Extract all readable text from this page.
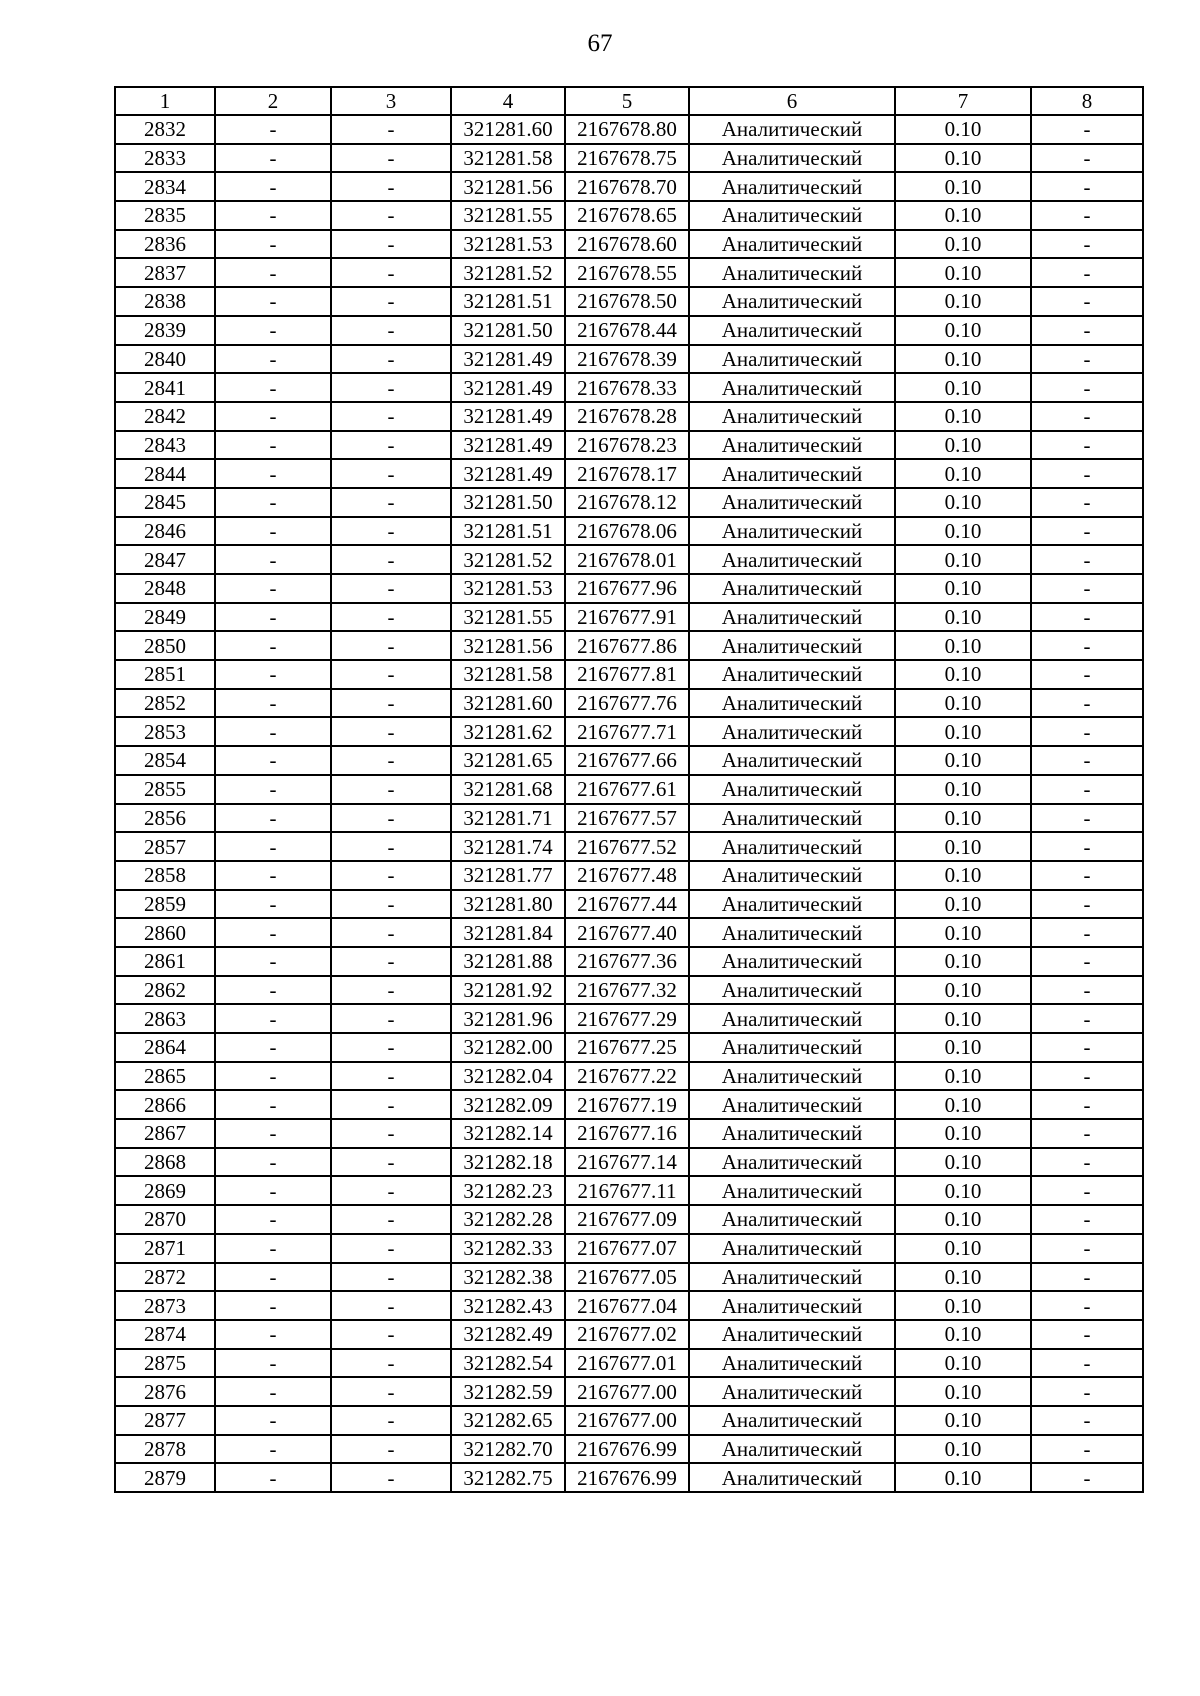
67
1	2	3	4	5	6	7	8
2832	-	-	321281.60	2167678.80	Аналитический	0.10	-
2833	-	-	321281.58	2167678.75	Аналитический	0.10	-
2834	-	-	321281.56	2167678.70	Аналитический	0.10	-
2835	-	-	321281.55	2167678.65	Аналитический	0.10	-
2836	-	-	321281.53	2167678.60	Аналитический	0.10	-
2837	-	-	321281.52	2167678.55	Аналитический	0.10	-
2838	-	-	321281.51	2167678.50	Аналитический	0.10	-
2839	-	-	321281.50	2167678.44	Аналитический	0.10	-
2840	-	-	321281.49	2167678.39	Аналитический	0.10	-
2841	-	-	321281.49	2167678.33	Аналитический	0.10	-
2842	-	-	321281.49	2167678.28	Аналитический	0.10	-
2843	-	-	321281.49	2167678.23	Аналитический	0.10	-
2844	-	-	321281.49	2167678.17	Аналитический	0.10	-
2845	-	-	321281.50	2167678.12	Аналитический	0.10	-
2846	-	-	321281.51	2167678.06	Аналитический	0.10	-
2847	-	-	321281.52	2167678.01	Аналитический	0.10	-
2848	-	-	321281.53	2167677.96	Аналитический	0.10	-
2849	-	-	321281.55	2167677.91	Аналитический	0.10	-
2850	-	-	321281.56	2167677.86	Аналитический	0.10	-
2851	-	-	321281.58	2167677.81	Аналитический	0.10	-
2852	-	-	321281.60	2167677.76	Аналитический	0.10	-
2853	-	-	321281.62	2167677.71	Аналитический	0.10	-
2854	-	-	321281.65	2167677.66	Аналитический	0.10	-
2855	-	-	321281.68	2167677.61	Аналитический	0.10	-
2856	-	-	321281.71	2167677.57	Аналитический	0.10	-
2857	-	-	321281.74	2167677.52	Аналитический	0.10	-
2858	-	-	321281.77	2167677.48	Аналитический	0.10	-
2859	-	-	321281.80	2167677.44	Аналитический	0.10	-
2860	-	-	321281.84	2167677.40	Аналитический	0.10	-
2861	-	-	321281.88	2167677.36	Аналитический	0.10	-
2862	-	-	321281.92	2167677.32	Аналитический	0.10	-
2863	-	-	321281.96	2167677.29	Аналитический	0.10	-
2864	-	-	321282.00	2167677.25	Аналитический	0.10	-
2865	-	-	321282.04	2167677.22	Аналитический	0.10	-
2866	-	-	321282.09	2167677.19	Аналитический	0.10	-
2867	-	-	321282.14	2167677.16	Аналитический	0.10	-
2868	-	-	321282.18	2167677.14	Аналитический	0.10	-
2869	-	-	321282.23	2167677.11	Аналитический	0.10	-
2870	-	-	321282.28	2167677.09	Аналитический	0.10	-
2871	-	-	321282.33	2167677.07	Аналитический	0.10	-
2872	-	-	321282.38	2167677.05	Аналитический	0.10	-
2873	-	-	321282.43	2167677.04	Аналитический	0.10	-
2874	-	-	321282.49	2167677.02	Аналитический	0.10	-
2875	-	-	321282.54	2167677.01	Аналитический	0.10	-
2876	-	-	321282.59	2167677.00	Аналитический	0.10	-
2877	-	-	321282.65	2167677.00	Аналитический	0.10	-
2878	-	-	321282.70	2167676.99	Аналитический	0.10	-
2879	-	-	321282.75	2167676.99	Аналитический	0.10	-
